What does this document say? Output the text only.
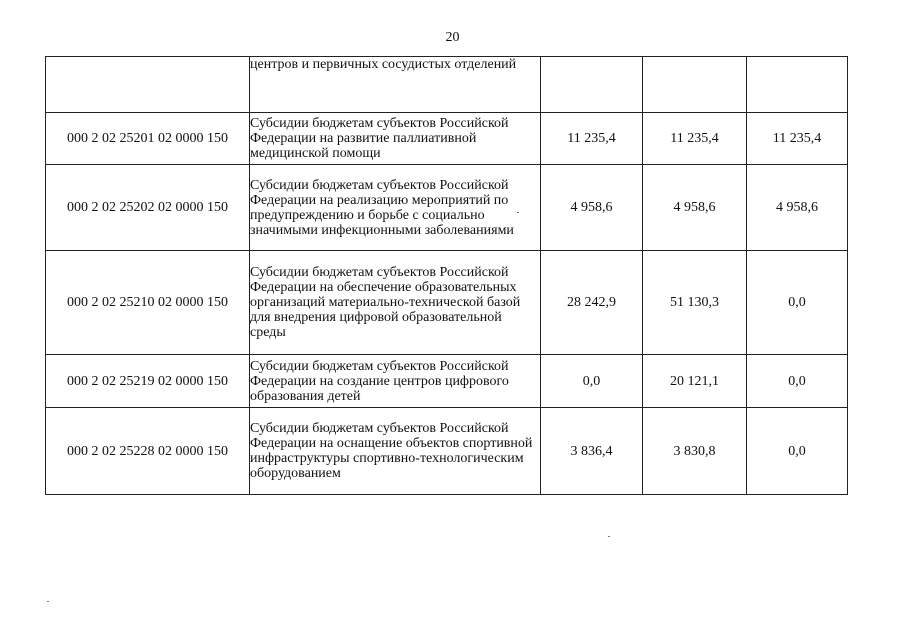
20
	центров и первичных сосудистых отделений			
000 2 02 25201 02 0000 150	Субсидии бюджетам субъектов Российской Федерации на развитие паллиативной медицинской помощи	11 235,4	11 235,4	11 235,4
000 2 02 25202 02 0000 150	Субсидии бюджетам субъектов Российской Федерации на реализацию мероприятий по предупреждению и борьбе с социально значимыми инфекционными заболеваниями	4 958,6	4 958,6	4 958,6
000 2 02 25210 02 0000 150	Субсидии бюджетам субъектов Российской Федерации на обеспечение образовательных организаций материально-технической базой для внедрения цифровой образовательной среды	28 242,9	51 130,3	0,0
000 2 02 25219 02 0000 150	Субсидии бюджетам субъектов Российской Федерации на создание центров цифрового образования детей	0,0	20 121,1	0,0
000 2 02 25228 02 0000 150	Субсидии бюджетам субъектов Российской Федерации на оснащение объектов спортивной инфраструктуры спортивно-технологическим оборудованием	3 836,4	3 830,8	0,0
